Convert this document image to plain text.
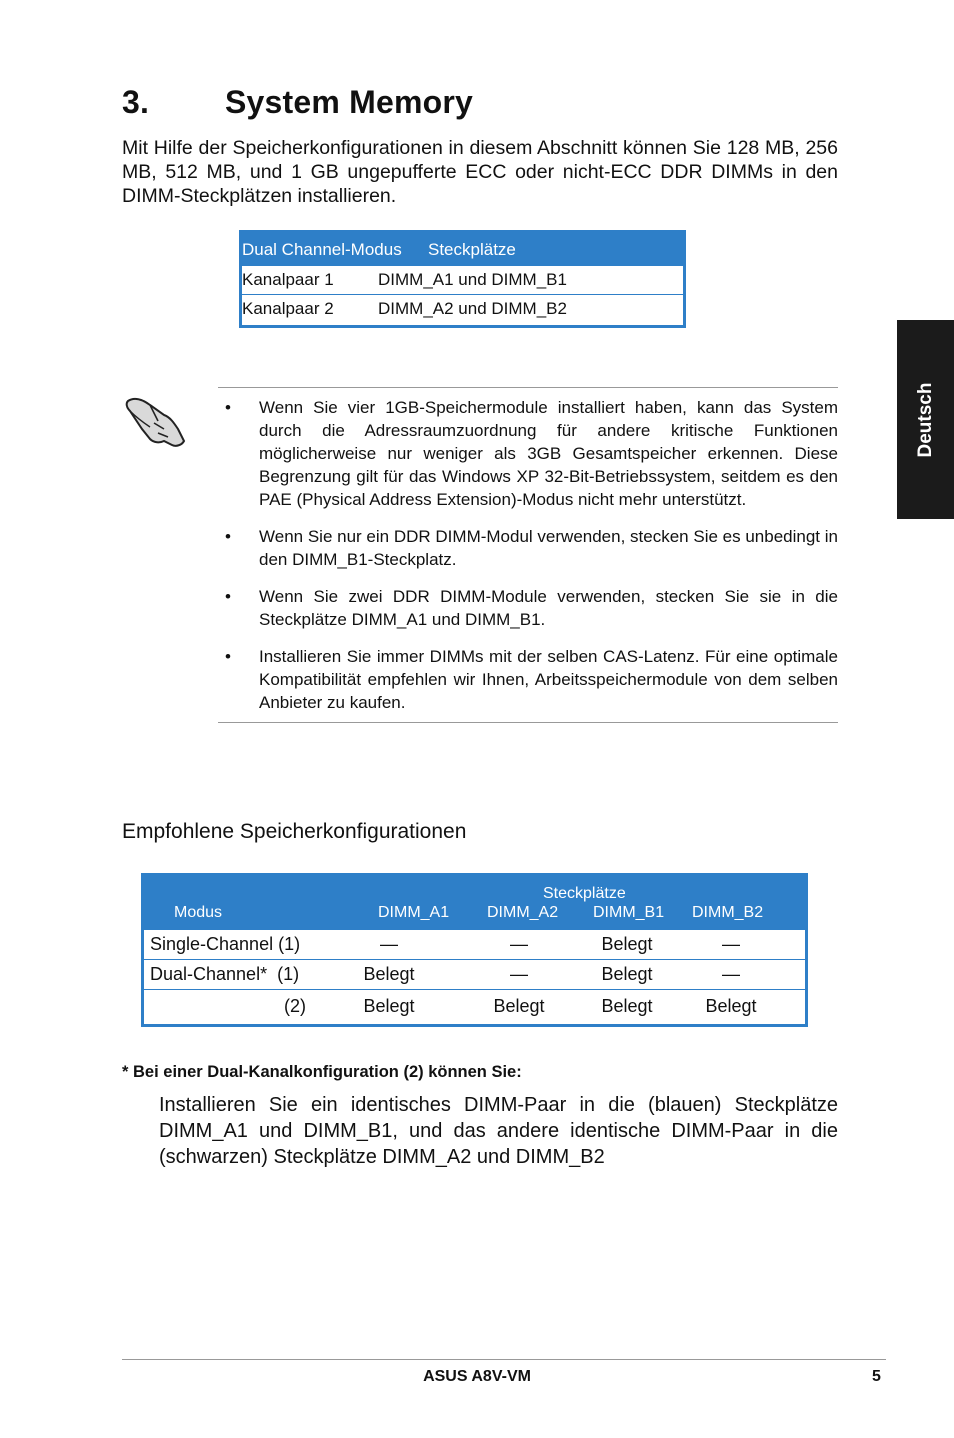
3. System Memory

Mit Hilfe der Speicherkonfigurationen in diesem Abschnitt können Sie 128 MB, 256 MB, 512 MB, und 1 GB ungepufferte ECC oder nicht-ECC DDR DIMMs in den DIMM-Steckplätzen installieren.

Dual Channel-Modus Steckplätze
Kanalpaar 1	DIMM_A1 und DIMM_B1
Kanalpaar 2	DIMM_A2 und DIMM_B2
• Wenn Sie vier 1GB-Speichermodule installiert haben, kann das System durch die Adressraumzuordnung für andere kritische Funktionen möglicherweise nur weniger als 3GB Gesamtspeicher erkennen. Diese Begrenzung gilt für das Windows XP 32-Bit-Betriebssystem, seitdem es den PAE (Physical Address Extension)-Modus nicht mehr unterstützt.
• Wenn Sie nur ein DDR DIMM-Modul verwenden, stecken Sie es unbedingt in den DIMM_B1-Steckplatz.
• Wenn Sie zwei DDR DIMM-Module verwenden, stecken Sie sie in die Steckplätze DIMM_A1 und DIMM_B1.
• Installieren Sie immer DIMMs mit der selben CAS-Latenz. Für eine optimale Kompatibilität empfehlen wir Ihnen, Arbeitsspeichermodule von dem selben Anbieter zu kaufen.
Empfohlene Speicherkonfigurationen
Steckplätze
Modus	DIMM_A1 DIMM_A2 DIMM_B1 DIMM_B2
Single-Channel (1)	—	—	Belegt	—
Dual-Channel*  (1)	Belegt	—	Belegt	—
(2)	Belegt	Belegt	Belegt	Belegt

* Bei einer Dual-Kanalkonfiguration (2) können Sie:

Installieren Sie ein identisches DIMM-Paar in die (blauen) Steckplätze DIMM_A1 und DIMM_B1, und das andere identische DIMM-Paar in die (schwarzen) Steckplätze DIMM_A2 und DIMM_B2

Deutsch
ASUS A8V-VM	5
